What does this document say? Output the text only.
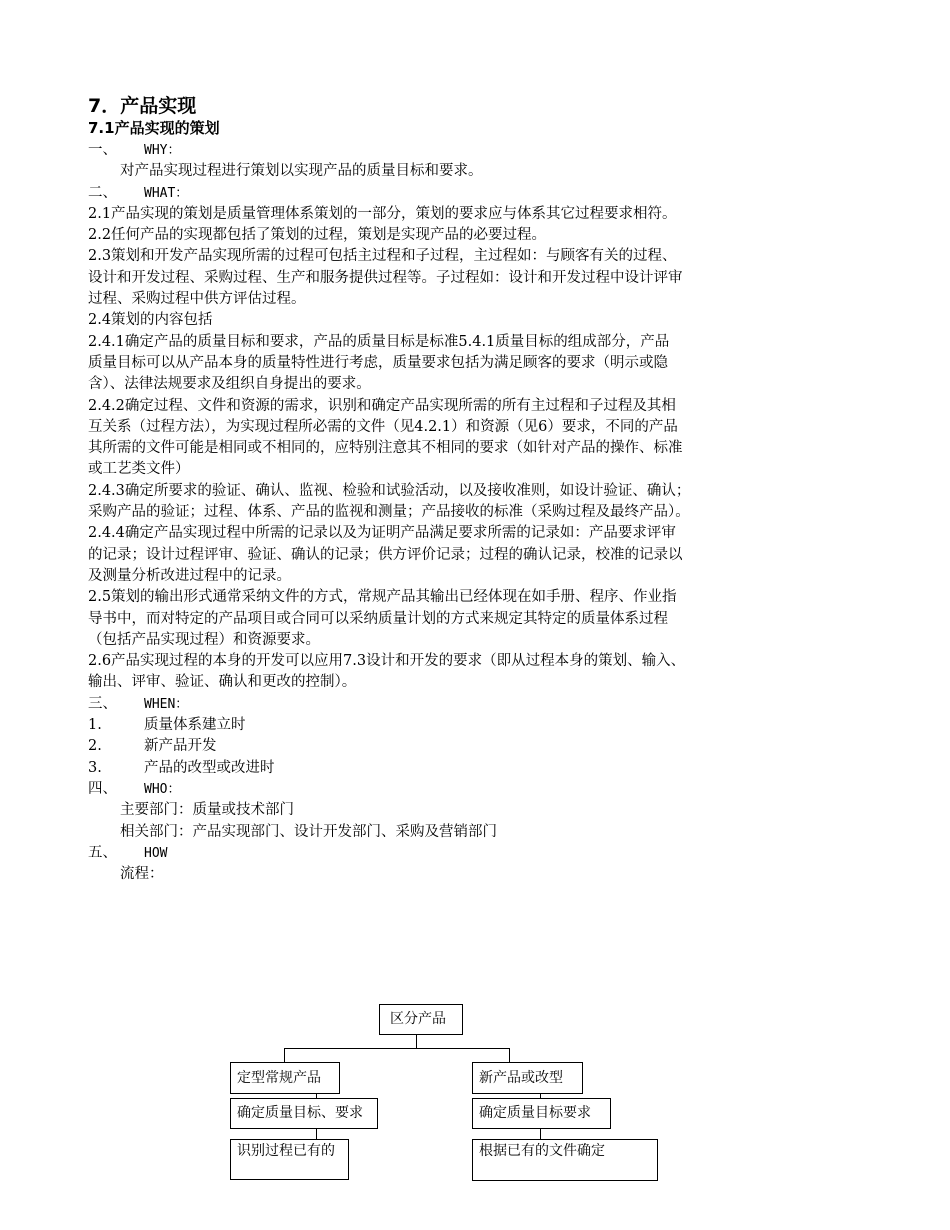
7．产品实现
7.1产品实现的策划
一、 WHY：
对产品实现过程进行策划以实现产品的质量目标和要求。
二、 WHAT：
2.1产品实现的策划是质量管理体系策划的一部分，策划的要求应与体系其它过程要求相符。
2.2任何产品的实现都包括了策划的过程，策划是实现产品的必要过程。
2.3策划和开发产品实现所需的过程可包括主过程和子过程，主过程如：与顾客有关的过程、
设计和开发过程、采购过程、生产和服务提供过程等。子过程如：设计和开发过程中设计评审
过程、采购过程中供方评估过程。
2.4策划的内容包括
2.4.1确定产品的质量目标和要求，产品的质量目标是标准5.4.1质量目标的组成部分，产品
质量目标可以从产品本身的质量特性进行考虑，质量要求包括为满足顾客的要求（明示或隐
含）、法律法规要求及组织自身提出的要求。
2.4.2确定过程、文件和资源的需求，识别和确定产品实现所需的所有主过程和子过程及其相
互关系（过程方法），为实现过程所必需的文件（见4.2.1）和资源（见6）要求，不同的产品
其所需的文件可能是相同或不相同的，应特别注意其不相同的要求（如针对产品的操作、标准
或工艺类文件）
2.4.3确定所要求的验证、确认、监视、检验和试验活动，以及接收准则，如设计验证、确认；
采购产品的验证；过程、体系、产品的监视和测量；产品接收的标准（采购过程及最终产品）。
2.4.4确定产品实现过程中所需的记录以及为证明产品满足要求所需的记录如：产品要求评审
的记录；设计过程评审、验证、确认的记录；供方评价记录；过程的确认记录，校准的记录以
及测量分析改进过程中的记录。
2.5策划的输出形式通常采纳文件的方式，常规产品其输出已经体现在如手册、程序、作业指
导书中，而对特定的产品项目或合同可以采纳质量计划的方式来规定其特定的质量体系过程
（包括产品实现过程）和资源要求。
2.6产品实现过程的本身的开发可以应用7.3设计和开发的要求（即从过程本身的策划、输入、
输出、评审、验证、确认和更改的控制）。
三、 WHEN：
1.	质量体系建立时
2.	新产品开发
3.	产品的改型或改进时
四、 WHO：
主要部门：质量或技术部门
相关部门：产品实现部门、设计开发部门、采购及营销部门
五、 HOW
流程：
区分产品
定型常规产品
确定质量目标、要求
识别过程已有的
新产品或改型
确定质量目标要求
根据已有的文件确定
